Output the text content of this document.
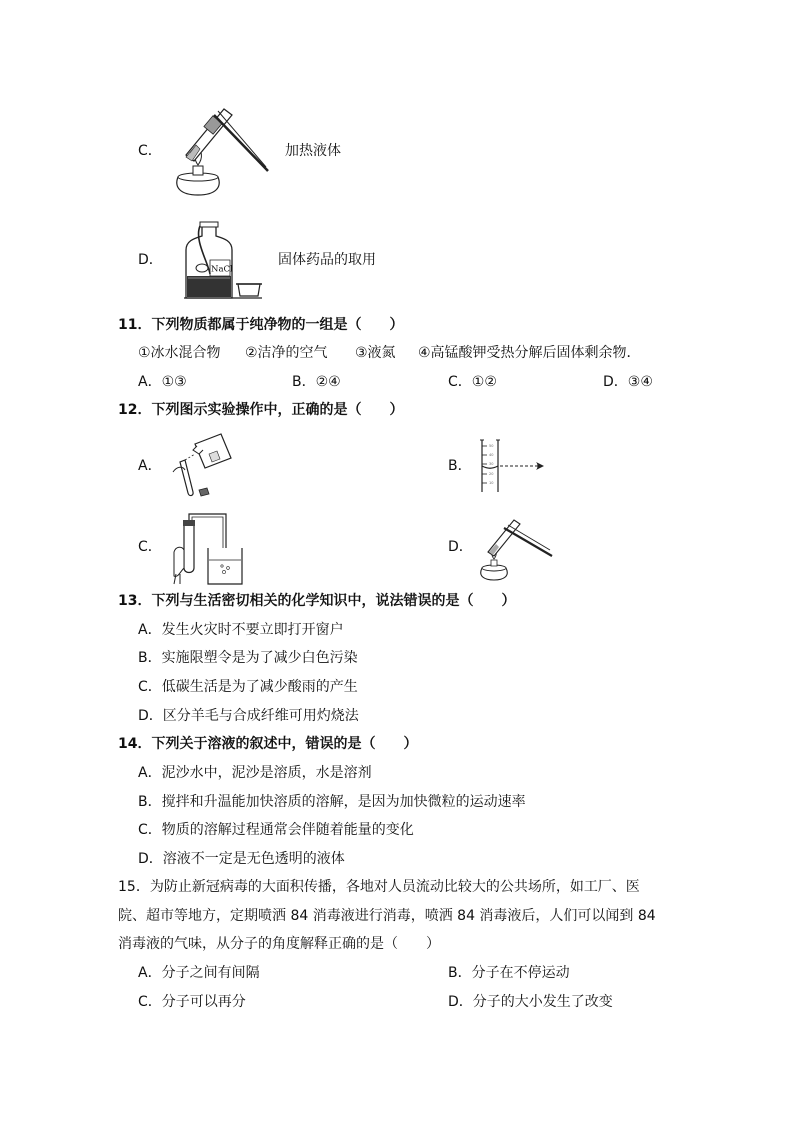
C．	加热液体
D．
NaCl
固体药品的取用
11．下列物质都属于纯净物的一组是（　　）
①冰水混合物 ②洁净的空气 ③液氮 ④高锰酸钾受热分解后固体剩余物．
A．①③	B．②④	C．①②	D．③④
12．下列图示实验操作中，正确的是（　　）
A．	B．
50
40
30
20
10
C．	D．
13．下列与生活密切相关的化学知识中，说法错误的是（　　）
A．发生火灾时不要立即打开窗户
B．实施限塑令是为了减少白色污染
C．低碳生活是为了减少酸雨的产生
D．区分羊毛与合成纤维可用灼烧法
14．下列关于溶液的叙述中，错误的是（　　）
A．泥沙水中，泥沙是溶质，水是溶剂
B．搅拌和升温能加快溶质的溶解，是因为加快微粒的运动速率
C．物质的溶解过程通常会伴随着能量的变化
D．溶液不一定是无色透明的液体
15．为防止新冠病毒的大面积传播，各地对人员流动比较大的公共场所，如工厂、医
院、超市等地方，定期喷洒 84 消毒液进行消毒，喷洒 84 消毒液后，人们可以闻到 84
消毒液的气味，从分子的角度解释正确的是（　　）
A．分子之间有间隔	B．分子在不停运动
C．分子可以再分	D．分子的大小发生了改变
